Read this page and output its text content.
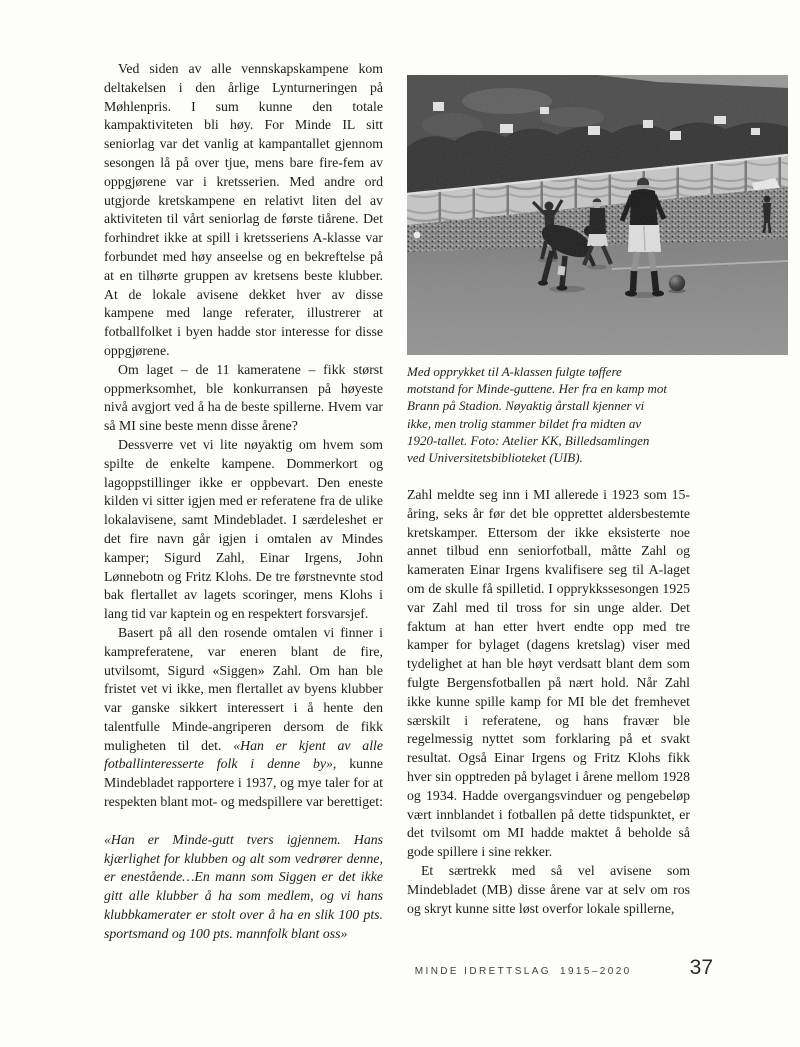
Ved siden av alle vennskapskampene kom deltakelsen i den årlige Lynturneringen på Møhlenpris. I sum kunne den totale kampaktiviteten bli høy. For Minde IL sitt seniorlag var det vanlig at kampantallet gjennom sesongen lå på over tjue, mens bare fire-fem av oppgjørene var i kretsserien. Med andre ord utgjorde kretskampene en relativt liten del av aktiviteten til vårt seniorlag de første tiårene. Det forhindret ikke at spill i kretsseriens A-klasse var forbundet med høy anseelse og en bekreftelse på at en tilhørte gruppen av kretsens beste klubber. At de lokale avisene dekket hver av disse kampene med lange referater, illustrerer at fotballfolket i byen hadde stor interesse for disse oppgjørene.

Om laget – de 11 kameratene – fikk størst oppmerksomhet, ble konkurransen på høyeste nivå avgjort ved å ha de beste spillerne. Hvem var så MI sine beste menn disse årene?

Dessverre vet vi lite nøyaktig om hvem som spilte de enkelte kampene. Dommerkort og lagoppstillinger ikke er oppbevart. Den eneste kilden vi sitter igjen med er referatene fra de ulike lokalavisene, samt Mindebladet. I særdeleshet er det fire navn går igjen i omtalen av Mindes kamper; Sigurd Zahl, Einar Irgens, John Lønnebotn og Fritz Klohs. De tre førstnevnte stod bak flertallet av lagets scoringer, mens Klohs i lang tid var kaptein og en respektert forsvarsjef.

Basert på all den rosende omtalen vi finner i kampreferatene, var eneren blant de fire, utvilsomt, Sigurd «Siggen» Zahl. Om han ble fristet vet vi ikke, men flertallet av byens klubber var ganske sikkert interessert i å hente den talentfulle Minde-angriperen dersom de fikk muligheten til det. «Han er kjent av alle fotballinteresserte folk i denne by», kunne Mindebladet rapportere i 1937, og mye taler for at respekten blant mot- og medspillere var berettiget:

«Han er Minde-gutt tvers igjennem. Hans kjærlighet for klubben og alt som vedrører denne, er enestående…En mann som Siggen er det ikke gitt alle klubber å ha som medlem, og vi hans klubbkamerater er stolt over å ha en slik 100 pts. sportsmand og 100 pts. mannfolk blant oss»

Med opprykket til A-klassen fulgte tøffere motstand for Minde-guttene. Her fra en kamp mot Brann på Stadion. Nøyaktig årstall kjenner vi ikke, men trolig stammer bildet fra midten av 1920-tallet. Foto: Atelier KK, Billedsamlingen ved Universitetsbiblioteket (UIB).

Zahl meldte seg inn i MI allerede i 1923 som 15-åring, seks år før det ble opprettet aldersbestemte kretskamper. Ettersom der ikke eksisterte noe annet tilbud enn seniorfotball, måtte Zahl og kameraten Einar Irgens kvalifisere seg til A-laget om de skulle få spilletid. I opprykkssesongen 1925 var Zahl med til tross for sin unge alder. Det faktum at han etter hvert endte opp med tre kamper for bylaget (dagens kretslag) viser med tydelighet at han ble høyt verdsatt blant dem som fulgte Bergensfotballen på nært hold. Når Zahl ikke kunne spille kamp for MI ble det fremhevet særskilt i referatene, og hans fravær ble regelmessig nyttet som forklaring på et svakt resultat. Også Einar Irgens og Fritz Klohs fikk hver sin opptreden på bylaget i årene mellom 1928 og 1934. Hadde overgangsvinduer og pengebeløp vært innblandet i fotballen på dette tidspunktet, er det tvilsomt om MI hadde maktet å beholde så gode spillere i sine rekker.

Et særtrekk med så vel avisene som Mindebladet (MB) disse årene var at selv om ros og skryt kunne sitte løst overfor lokale spillerne,

MINDE IDRETTSLAG 1915–2020	37
